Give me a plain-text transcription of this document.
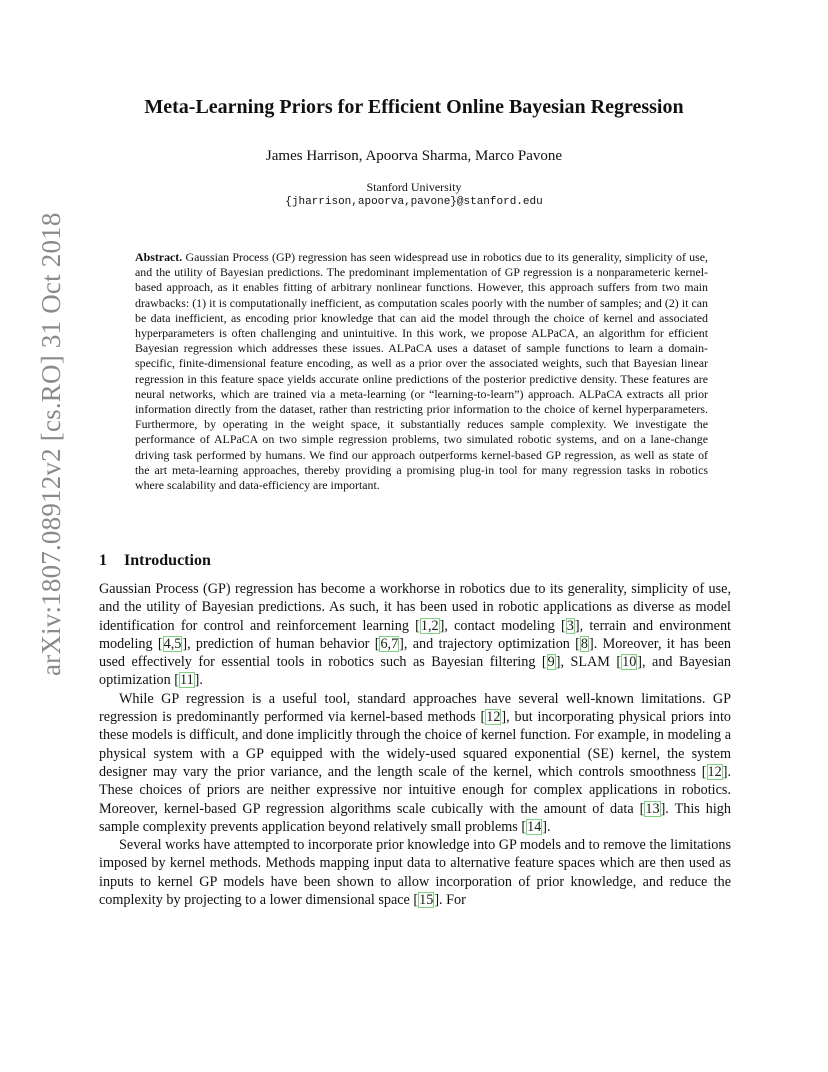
arXiv:1807.08912v2 [cs.RO] 31 Oct 2018
Meta-Learning Priors for Efficient Online Bayesian Regression
James Harrison, Apoorva Sharma, Marco Pavone
Stanford University
{jharrison,apoorva,pavone}@stanford.edu
Abstract. Gaussian Process (GP) regression has seen widespread use in robotics due to its generality, simplicity of use, and the utility of Bayesian predictions. The predominant implementation of GP regression is a nonparameteric kernel-based approach, as it enables fitting of arbitrary nonlinear functions. However, this approach suffers from two main drawbacks: (1) it is computationally inefficient, as computation scales poorly with the number of samples; and (2) it can be data inefficient, as encoding prior knowledge that can aid the model through the choice of kernel and associated hyperparameters is often challenging and unintuitive. In this work, we propose ALPaCA, an algorithm for efficient Bayesian regression which addresses these issues. ALPaCA uses a dataset of sample functions to learn a domain-specific, finite-dimensional feature encoding, as well as a prior over the associated weights, such that Bayesian linear regression in this feature space yields accurate online predictions of the posterior predictive density. These features are neural networks, which are trained via a meta-learning (or “learning-to-learn”) approach. ALPaCA extracts all prior information directly from the dataset, rather than restricting prior information to the choice of kernel hyperparameters. Furthermore, by operating in the weight space, it substantially reduces sample complexity. We investigate the performance of ALPaCA on two simple regression problems, two simulated robotic systems, and on a lane-change driving task performed by humans. We find our approach outperforms kernel-based GP regression, as well as state of the art meta-learning approaches, thereby providing a promising plug-in tool for many regression tasks in robotics where scalability and data-efficiency are important.
1 Introduction

Gaussian Process (GP) regression has become a workhorse in robotics due to its generality, simplicity of use, and the utility of Bayesian predictions. As such, it has been used in robotic applications as diverse as model identification for control and reinforcement learning [1,2], contact modeling [3], terrain and environment modeling [4,5], prediction of human behavior [6,7], and trajectory optimization [8]. Moreover, it has been used effectively for essential tools in robotics such as Bayesian filtering [9], SLAM [10], and Bayesian optimization [11].

While GP regression is a useful tool, standard approaches have several well-known limitations. GP regression is predominantly performed via kernel-based methods [12], but incorporating physical priors into these models is difficult, and done implicitly through the choice of kernel function. For example, in modeling a physical system with a GP equipped with the widely-used squared exponential (SE) kernel, the system designer may vary the prior variance, and the length scale of the kernel, which controls smoothness [12]. These choices of priors are neither expressive nor intuitive enough for complex applications in robotics. Moreover, kernel-based GP regression algorithms scale cubically with the amount of data [13]. This high sample complexity prevents application beyond relatively small problems [14].

Several works have attempted to incorporate prior knowledge into GP models and to remove the limitations imposed by kernel methods. Methods mapping input data to alternative feature spaces which are then used as inputs to kernel GP models have been shown to allow incorporation of prior knowledge, and reduce the complexity by projecting to a lower dimensional space [15]. For
